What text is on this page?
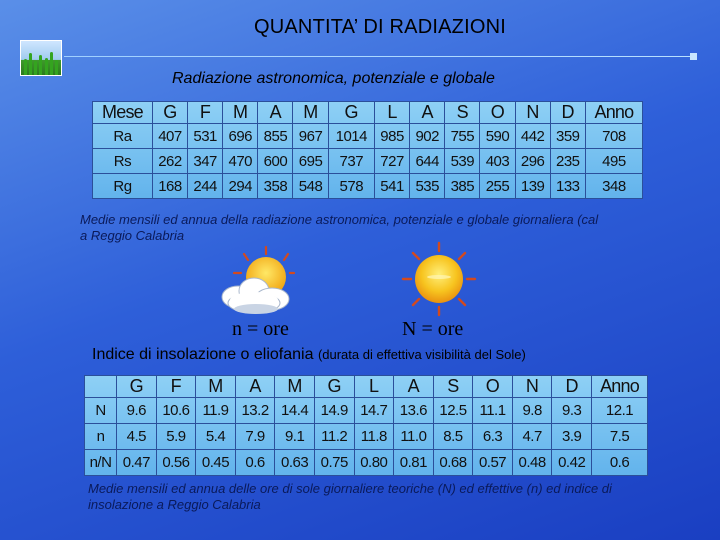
QUANTITA’ DI RADIAZIONI
Radiazione astronomica, potenziale e globale
Mese	G	F	M	A	M	G	L	A	S	O	N	D	Anno
Ra	407	531	696	855	967	1014	985	902	755	590	442	359	708
Rs	262	347	470	600	695	737	727	644	539	403	296	235	495
Rg	168	244	294	358	548	578	541	535	385	255	139	133	348
Medie mensili ed annua della radiazione astronomica, potenziale e globale giornaliera (cal
a Reggio Calabria
n = ore	N = ore
Indice di insolazione o eliofania (durata di effettiva visibilità del Sole)
	G	F	M	A	M	G	L	A	S	O	N	D	Anno
N	9.6	10.6	11.9	13.2	14.4	14.9	14.7	13.6	12.5	11.1	9.8	9.3	12.1
n	4.5	5.9	5.4	7.9	9.1	11.2	11.8	11.0	8.5	6.3	4.7	3.9	7.5
n/N	0.47	0.56	0.45	0.6	0.63	0.75	0.80	0.81	0.68	0.57	0.48	0.42	0.6
Medie mensili ed annua delle ore di sole giornaliere teoriche (N) ed effettive (n) ed indice di insolazione a Reggio Calabria
